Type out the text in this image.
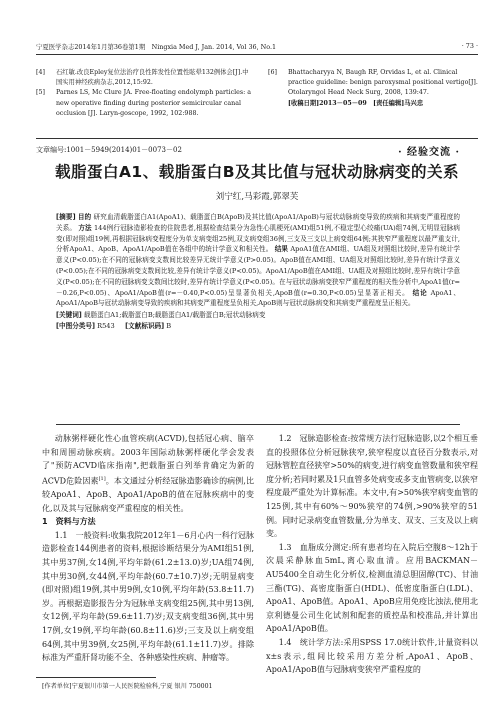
宁夏医学杂志2014年1月第36卷第1期　Ningxia Med J, Jan. 2014, Vol 36, No.1	· 73 ·
[4]	石红敏.改良Epley复位法治疗良性阵发性位置性眩晕132例体会[J].中国实用神经疾病杂志,2012,15:92.
[5]	Parnes LS, Mc Clure JA. Free-floating endolymph particles: a new operative finding during posterior semicircular canal occlusion [J]. Laryn-goscope, 1992, 102:988.
[6]	Bhattacharyya N, Baugh RF, Orvidas L, et al. Clinical practice guideline: benign paroxysmal positional vertigo[J]. Otolaryngol Head Neck Surg, 2008, 139:47.
[收稿日期]2013－05－09　[责任编辑]马兴忠
文章编号:1001－5949(2014)01－0073－02	· 经验交流 ·
载脂蛋白A1、载脂蛋白B及其比值与冠状动脉病变的关系
刘宁红,马彩霞,郭翠芙
[摘要] 目的 研究血清载脂蛋白A1(ApoA1)、载脂蛋白B(ApoB)及其比值(ApoA1/ApoB)与冠状动脉病变导致的疾病和其病变严重程度的关系。 方法 144例行冠脉造影检查的住院患者,根据检查结果分为急性心肌梗死(AMI)组51例,不稳定型心绞痛(UA)组74例,无明显冠脉病变(即对照)组19例,再根据冠脉病变程度分为单支病变组25例,双支病变组36例,三支及三支以上病变组64例;其狭窄严重程度以最严重支计,分析ApoA1、ApoB、ApoA1/ApoB值在各组中的统计学意义和相关性。 结果 ApoA1值在AMI组、UA组及对照组比较时,差异有统计学意义(P<0.05);在不同的冠脉病变支数间比较差异无统计学意义(P>0.05)。ApoB值在AMI组、UA组及对照组比较时,差异有统计学意义(P<0.05);在不同的冠脉病变支数间比较,差异有统计学意义(P<0.05)。ApoA1/ApoB值在AMI组、UA组及对照组比较时,差异有统计学意义(P<0.05);在不同的冠脉病变支数间比较时,差异有统计学意义(P<0.05)。在与冠状动脉病变狭窄严重程度的相关性分析中,ApoA1值(r=－0.26,P<0.05)、ApoA1/ApoB值(r=－0.40,P<0.05)呈显著负相关,ApoB值(r=0.30,P<0.05)呈显著正相关。 结论 ApoA1、ApoA1/ApoB与冠状动脉病变导致的疾病和其病变严重程度呈负相关,ApoB则与冠状动脉病变和其病变严重程度呈正相关。
[关键词] 载脂蛋白A1;载脂蛋白B;载脂蛋白A1/载脂蛋白B;冠状动脉病变
[中图分类号] R543 [文献标识码] B

动脉粥样硬化性心血管疾病(ACVD),包括冠心病、脑卒中和周围动脉疾病。2003年国际动脉粥样硬化学会发表了"预防ACVD临床指南",把载脂蛋白列举肯确定为新的ACVD危险因素[1]。本文通过分析经冠脉造影确诊的病例,比较ApoA1、ApoB、ApoA1/ApoB的值在冠脉疾病中的变化,以及其与冠脉病变严重程度的相关性。

1　资料与方法

1.1　一般资料:收集我院2012年1－6月心内一科行冠脉造影检查144例患者的资料,根据诊断结果分为AMI组51例,其中男37例,女14例,平均年龄(61.2±13.0)岁;UA组74例,其中男30例,女44例,平均年龄(60.7±10.7)岁;无明显病变(即对照)组19例,其中男9例,女10例,平均年龄(53.8±11.7)岁。再根据造影报告分为冠脉单支病变组25例,其中男13例,女12例,平均年龄(59.6±11.7)岁;双支病变组36例,其中男17例,女19例,平均年龄(60.8±11.6)岁;三支及以上病变组64例,其中男39例,女25例,平均年龄(61.1±11.7)岁。排除标准为严重肝肾功能不全、各种感染性疾病、肿瘤等。

1.2　冠脉造影检查:按常规方法行冠脉造影,以2个相互垂直的投照体位分析冠脉狭窄,狭窄程度以直径百分数表示,对冠脉管腔直径狭窄>50%的病变,进行病变血管数量和狭窄程度分析;若同时累及1只血管多处病变或多支血管病变,以狭窄程度最严重处为计算标准。本文中,有>50%狭窄病变血管的125例,其中有60%～90%狭窄的74例,>90%狭窄的51例。同时记录病变血管数量,分为单支、双支、三支及以上病变。

1.3　血脂成分测定:所有患者均在入院后空腹8～12h于次晨采静脉血5mL,离心取血清。应用BACKMAN－AU5400全自动生化分析仪,检测血清总胆固醇(TC)、甘油三酯(TG)、高密度脂蛋白(HDL)、低密度脂蛋白(LDL)、ApoA1、ApoB值。ApoA1、ApoB应用免疫比浊法,使用北京利德曼公司生化试剂和配套的质控品和校准品,并计算出ApoA1/ApoB值。

1.4　统计学方法:采用SPSS 17.0统计软件,计量资料以x±s表示,组间比较采用方差分析,ApoA1、ApoB、ApoA1/ApoB值与冠脉病变狭窄严重程度的

[作者单位]宁夏银川市第一人民医院检验科,宁夏 银川 750001
